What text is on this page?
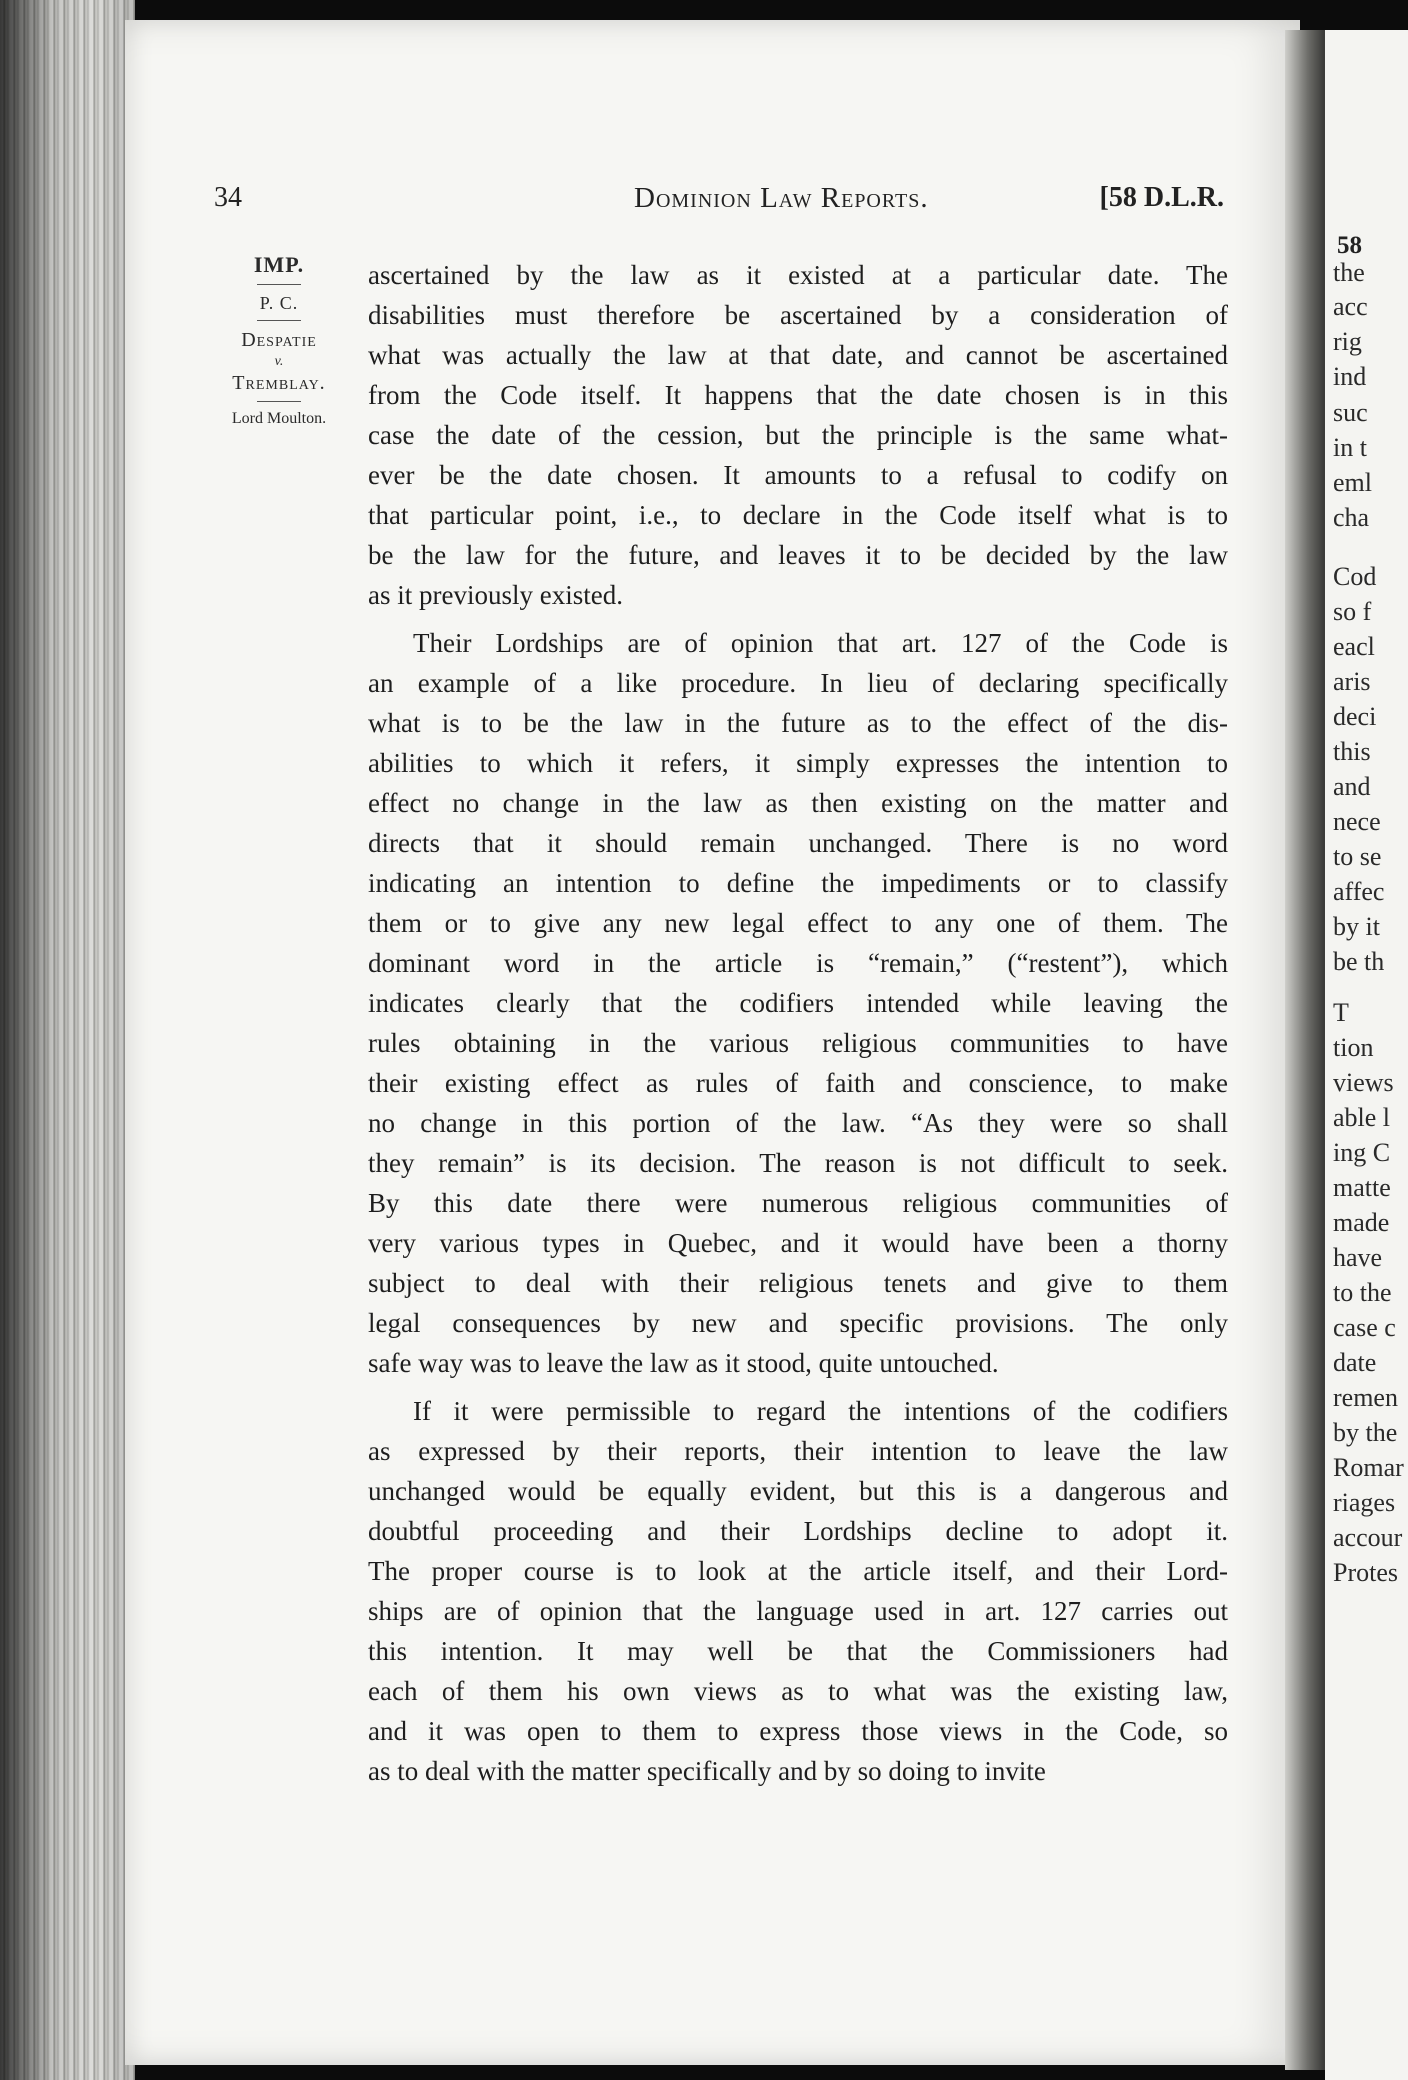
34	Dominion Law Reports.	[58 D.L.R.
IMP.
P. C.
Despatie
v.
Tremblay.
Lord Moulton.
ascertained by the law as it existed at a particular date. The
disabilities must therefore be ascertained by a consideration of
what was actually the law at that date, and cannot be ascertained
from the Code itself. It happens that the date chosen is in this
case the date of the cession, but the principle is the same what-
ever be the date chosen. It amounts to a refusal to codify on
that particular point, i.e., to declare in the Code itself what is to
be the law for the future, and leaves it to be decided by the law
as it previously existed.
Their Lordships are of opinion that art. 127 of the Code is
an example of a like procedure. In lieu of declaring specifically
what is to be the law in the future as to the effect of the dis-
abilities to which it refers, it simply expresses the intention to
effect no change in the law as then existing on the matter and
directs that it should remain unchanged. There is no word
indicating an intention to define the impediments or to classify
them or to give any new legal effect to any one of them. The
dominant word in the article is “remain,” (“restent”), which
indicates clearly that the codifiers intended while leaving the
rules obtaining in the various religious communities to have
their existing effect as rules of faith and conscience, to make
no change in this portion of the law. “As they were so shall
they remain” is its decision. The reason is not difficult to seek.
By this date there were numerous religious communities of
very various types in Quebec, and it would have been a thorny
subject to deal with their religious tenets and give to them
legal consequences by new and specific provisions. The only
safe way was to leave the law as it stood, quite untouched.
If it were permissible to regard the intentions of the codifiers
as expressed by their reports, their intention to leave the law
unchanged would be equally evident, but this is a dangerous and
doubtful proceeding and their Lordships decline to adopt it.
The proper course is to look at the article itself, and their Lord-
ships are of opinion that the language used in art. 127 carries out
this intention. It may well be that the Commissioners had
each of them his own views as to what was the existing law,
and it was open to them to express those views in the Code, so
as to deal with the matter specifically and by so doing to invite
58
the
acc
rig
ind
suc
in t
eml
cha
Cod
so f
eacl
aris
deci
this
and
nece
to se
affec
by it
be th
T
tion
views
able l
ing C
matte
made
have
to the
case c
date
remen
by the
Romar
riages
accour
Protes
